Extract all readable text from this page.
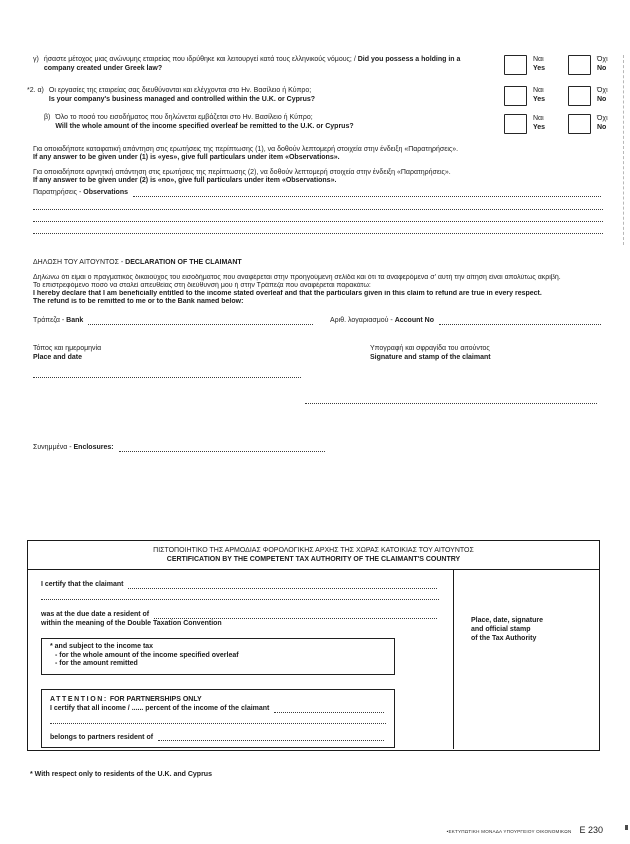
γ) ήσαστε μέτοχος μιας ανώνυμης εταιρείας που ιδρύθηκε και λειτουργεί κατά τους ελληνικούς νόμους; / Did you possess a holding in a company created under Greek law?
Ναι
Yes
Όχι
No
*2. α) Οι εργασίες της εταιρείας σας διευθύνονται και ελέγχονται στο Ην. Βασίλειο ή Κύπρο;
Is your company's business managed and controlled within the U.K. or Cyprus?
Ναι
Yes
Όχι
No
β) Όλο το ποσό του εισοδήματος που δηλώνεται εμβάζεται στο Ην. Βασίλειο ή Κύπρο;
Will the whole amount of the income specified overleaf be remitted to the U.K. or Cyprus?
Ναι
Yes
Όχι
No
Για οποιαδήποτε καταφατική απάντηση στις ερωτήσεις της περίπτωσης (1), να δοθούν λεπτομερή στοιχεία στην ένδειξη «Παρατηρήσεις».
If any answer to be given under (1) is «yes», give full particulars under item «Observations».
Για οποιαδήποτε αρνητική απάντηση στις ερωτήσεις της περίπτωσης (2), να δοθούν λεπτομερή στοιχεία στην ένδειξη «Παρατηρήσεις».
If any answer to be given under (2) is «no», give full particulars under item «Observations».
Παρατηρήσεις - Observations
ΔΗΛΩΣΗ ΤΟΥ ΑΙΤΟΥΝΤΟΣ - DECLARATION OF THE CLAIMANT
Δηλώνω ότι είμαι ο πραγματικός δικαιούχος του εισοδήματος που αναφέρεται στην προηγούμενη σελίδα και ότι τα αναφερόμενα σ' αυτή την αίτηση είναι απολύτως ακριβή.
Το επιστρεφόμενο ποσό να σταλεί απευθείας στη διεύθυνσή μου ή στην Τράπεζα που αναφέρεται παρακάτω:
I hereby declare that I am beneficially entitled to the income stated overleaf and that the particulars given in this claim to refund are true in every respect.
The refund is to be remitted to me or to the Bank named below:
Τράπεζα - Bank	Αριθ. λογαριασμού - Account No
Τόπος και ημερομηνία
Place and date
Υπογραφή και σφραγίδα του αιτούντος
Signature and stamp of the claimant
Συνημμένα - Enclosures:
ΠΙΣΤΟΠΟΙΗΤΙΚΟ ΤΗΣ ΑΡΜΟΔΙΑΣ ΦΟΡΟΛΟΓΙΚΗΣ ΑΡΧΗΣ ΤΗΣ ΧΩΡΑΣ ΚΑΤΟΙΚΙΑΣ ΤΟΥ ΑΙΤΟΥΝΤΟΣ
CERTIFICATION BY THE COMPETENT TAX AUTHORITY OF THE CLAIMANT'S COUNTRY
I certify that the claimant
was at the due date a resident of
within the meaning of the Double Taxation Convention
* and subject to the income tax
- for the whole amount of the income specified overleaf
- for the amount remitted
ATTENTION: FOR PARTNERSHIPS ONLY
I certify that all income / ...... percent of the income of the claimant
belongs to partners resident of
Place, date, signature
and official stamp
of the Tax Authority
* With respect only to residents of the U.K. and Cyprus
•ΕΚΤΥΠΩΤΙΚΗ ΜΟΝΑΔΑ ΥΠΟΥΡΓΕΙΟΥ ΟΙΚΟΝΟΜΙΚΩΝ E 230
